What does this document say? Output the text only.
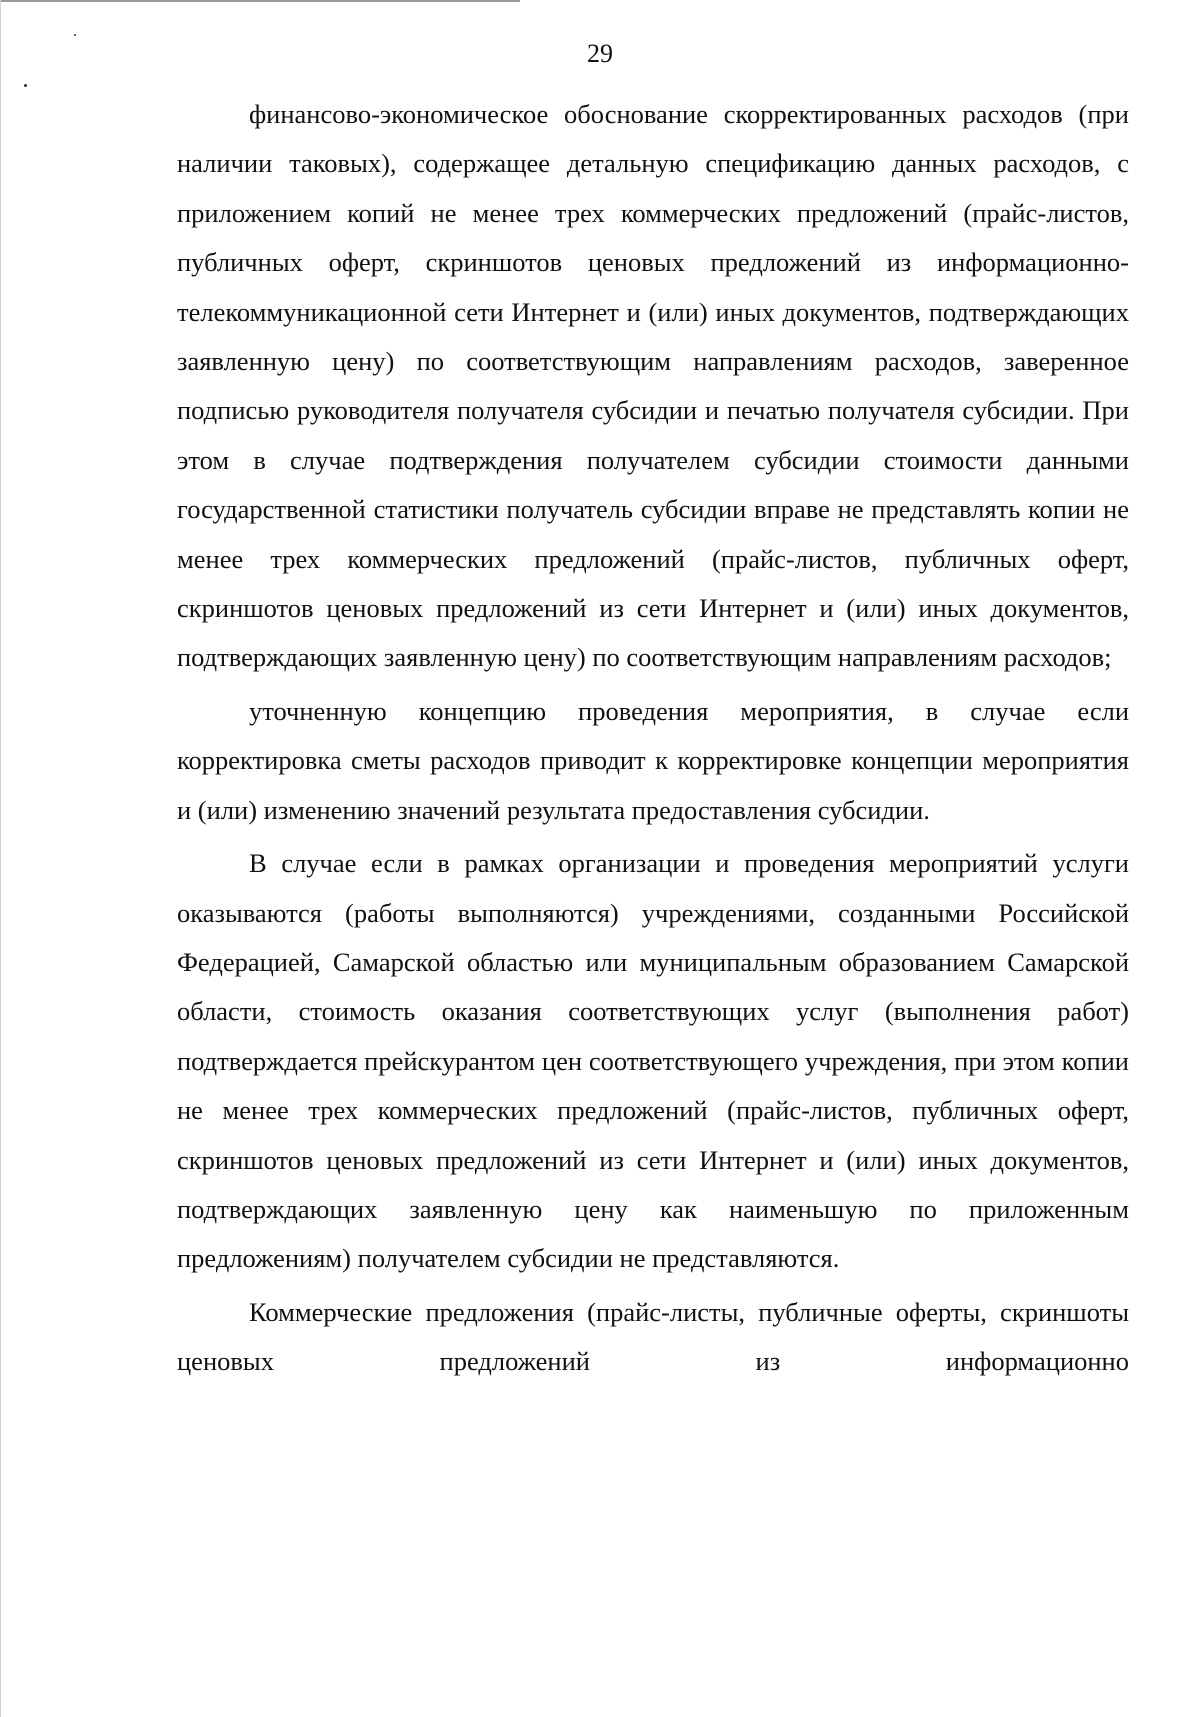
29

финансово-экономическое обоснование скорректированных расходов (при наличии таковых), содержащее детальную спецификацию данных расходов, с приложением копий не менее трех коммерческих предложений (прайс-листов, публичных оферт, скриншотов ценовых предложений из информационно-телекоммуникационной сети Интернет и (или) иных документов, подтверждающих заявленную цену) по соответствующим направлениям расходов, заверенное подписью руководителя получателя субсидии и печатью получателя субсидии. При этом в случае подтверждения получателем субсидии стоимости данными государственной статистики получатель субсидии вправе не представлять копии не менее трех коммерческих предложений (прайс-листов, публичных оферт, скриншотов ценовых предложений из сети Интернет и (или) иных документов, подтверждающих заявленную цену) по соответствующим направлениям расходов;

уточненную концепцию проведения мероприятия, в случае если корректировка сметы расходов приводит к корректировке концепции мероприятия и (или) изменению значений результата предоставления субсидии.

В случае если в рамках организации и проведения мероприятий услуги оказываются (работы выполняются) учреждениями, созданными Российской Федерацией, Самарской областью или муниципальным образованием Самарской области, стоимость оказания соответствующих услуг (выполнения работ) подтверждается прейскурантом цен соответствующего учреждения, при этом копии не менее трех коммерческих предложений (прайс-листов, публичных оферт, скриншотов ценовых предложений из сети Интернет и (или) иных документов, подтверждающих заявленную цену как наименьшую по приложенным предложениям) получателем субсидии не представляются.

Коммерческие предложения (прайс-листы, публичные оферты, скриншоты ценовых предложений из информационно
